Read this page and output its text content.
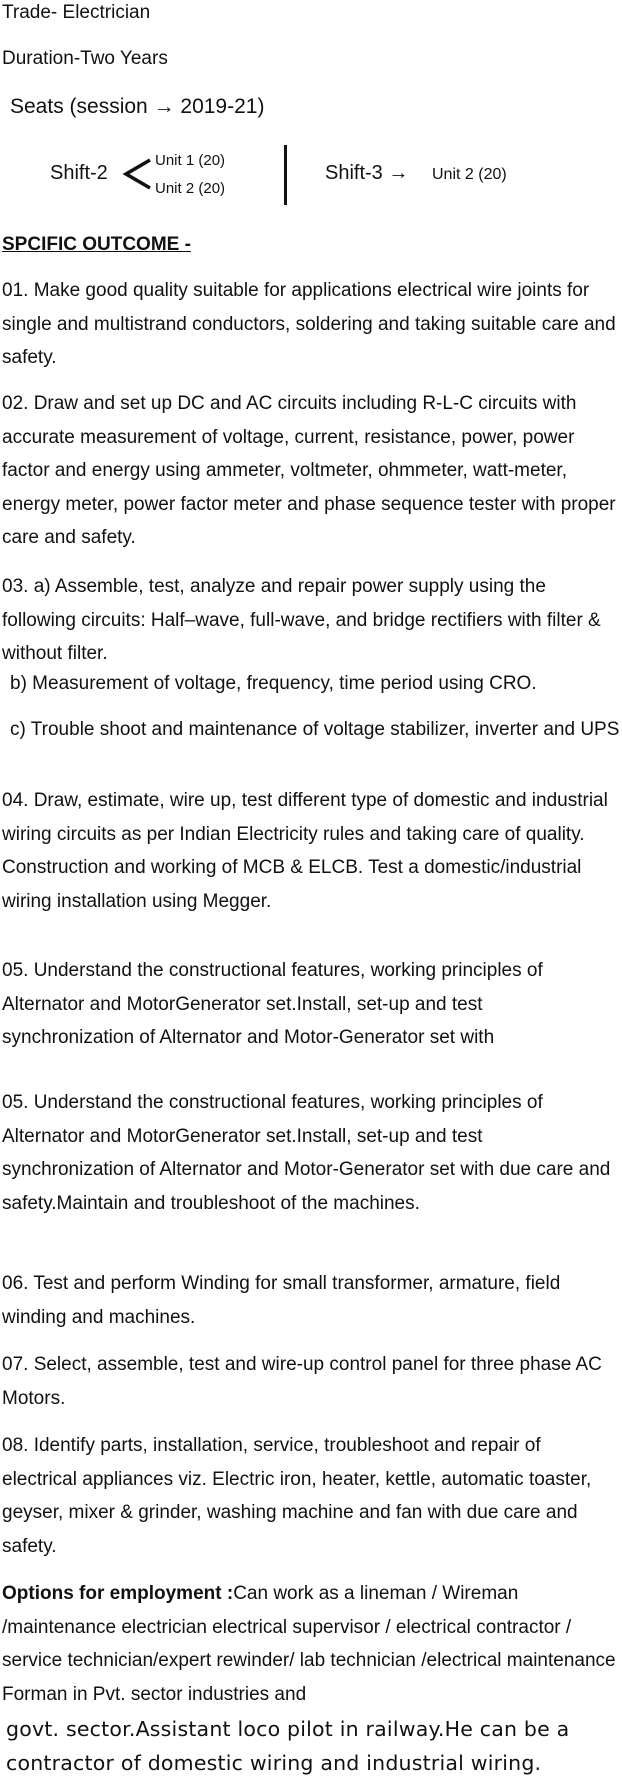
Trade- Electrician
Duration-Two Years
Seats (session → 2019-21)
Shift-2
Unit 1 (20)
Unit 2 (20)
Shift-3 → Unit 2 (20)
SPCIFIC OUTCOME -
01. Make good quality suitable for applications electrical wire joints for single and multistrand conductors, soldering and taking suitable care and safety.
02. Draw and set up DC and AC circuits including R-L-C circuits with accurate measurement of voltage, current, resistance, power, power factor and energy using ammeter, voltmeter, ohmmeter, watt-meter, energy meter, power factor meter and phase sequence tester with proper care and safety.
03. a) Assemble, test, analyze and repair power supply using the following circuits: Half–wave, full-wave, and bridge rectifiers with filter & without filter.
b) Measurement of voltage, frequency, time period using CRO.
c) Trouble shoot and maintenance of voltage stabilizer, inverter and UPS
04. Draw, estimate, wire up, test different type of domestic and industrial wiring circuits as per Indian Electricity rules and taking care of quality. Construction and working of MCB & ELCB. Test a domestic/industrial wiring installation using Megger.
05. Understand the constructional features, working principles of Alternator and MotorGenerator set.Install, set-up and test synchronization of Alternator and Motor-Generator set with
05. Understand the constructional features, working principles of Alternator and MotorGenerator set.Install, set-up and test synchronization of Alternator and Motor-Generator set with due care and safety.Maintain and troubleshoot of the machines.
06. Test and perform Winding for small transformer, armature, field winding and machines.
07. Select, assemble, test and wire-up control panel for three phase AC Motors.
08. Identify parts, installation, service, troubleshoot and repair of electrical appliances viz. Electric iron, heater, kettle, automatic toaster, geyser, mixer & grinder, washing machine and fan with due care and safety.
Options for employment :Can work as a lineman / Wireman /maintenance electrician electrical supervisor / electrical contractor / service technician/expert rewinder/ lab technician /electrical maintenance Forman in Pvt. sector industries and
govt. sector.Assistant loco pilot in railway.He can be a contractor of domestic wiring and industrial wiring.
